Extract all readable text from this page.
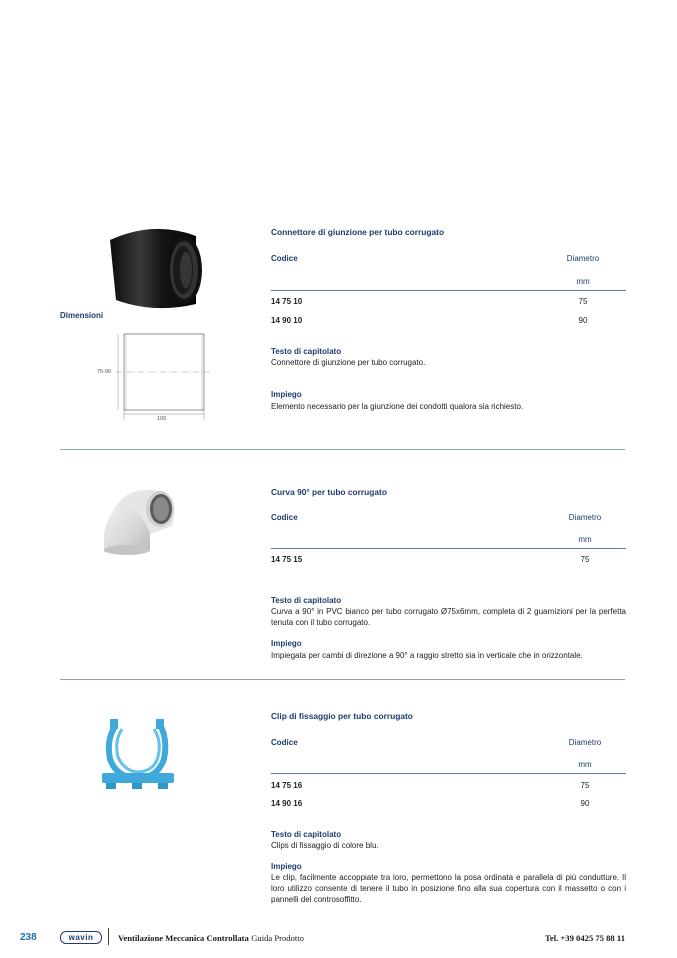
Dimensioni
75-90
100
Connettore di giunzione per tubo corrugato
Codice	Diametro
mm
14 75 10	75
14 90 10	90
Testo di capitolato
Connettore di giunzione per tubo corrugato.
Impiego
Elemento necessario per la giunzione dei condotti qualora sia richiesto.
Curva 90° per tubo corrugato
Codice	Diametro
mm
14 75 15	75
Testo di capitolato
Curva a 90° in PVC bianco per tubo corrugato Ø75x6mm, completa di 2 guarnizioni per la perfetta tenuta con il tubo corrugato.
Impiego
Impiegata per cambi di direzione a 90° a raggio stretto sia in verticale che in orizzontale.
Clip di fissaggio per tubo corrugato
Codice	Diametro
mm
14 75 16	75
14 90 16	90
Testo di capitolato
Clips di fissaggio di colore blu.
Impiego
Le clip, facilmente accoppiate tra loro, permettono la posa ordinata e parallela di più condutture. Il loro utilizzo consente di tenere il tubo in posizione fino alla sua copertura con il massetto o con i pannelli del controsoffitto.
238	wavin	Ventilazione Meccanica Controllata Guida Prodotto	Tel. +39 0425 75 88 11
